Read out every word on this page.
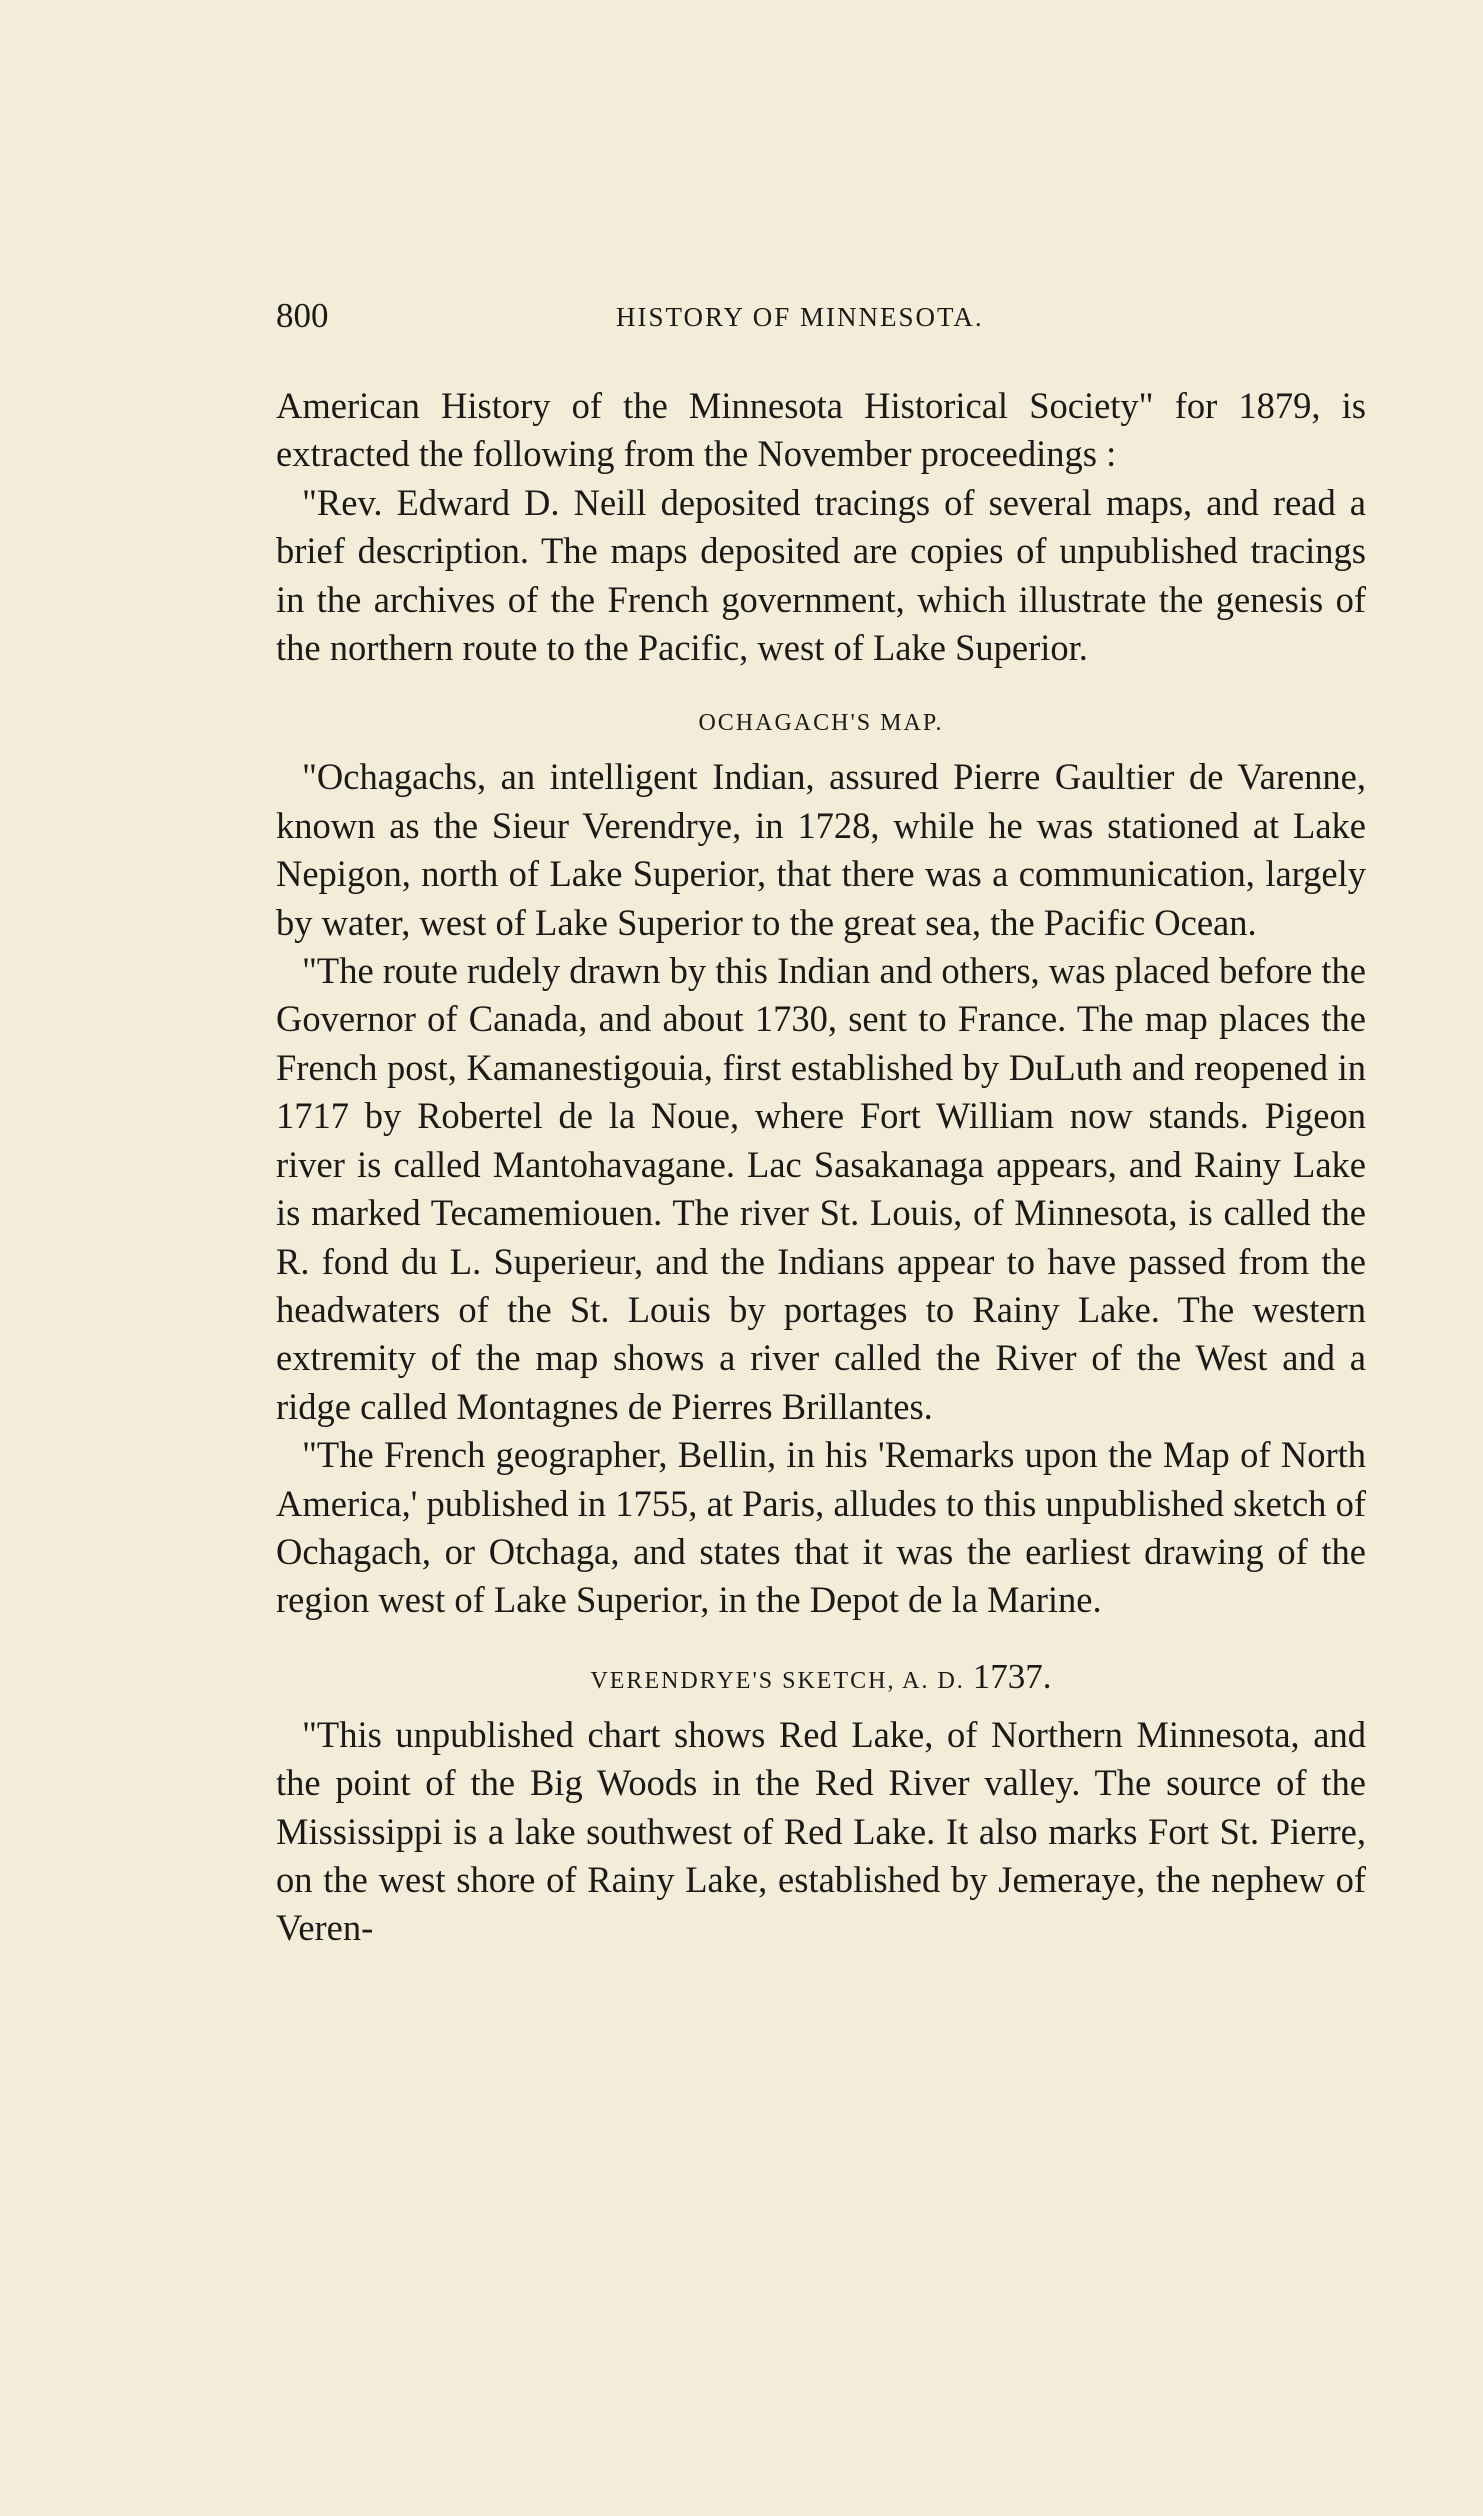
800	HISTORY OF MINNESOTA.

American History of the Minnesota Historical Society" for 1879, is extracted the following from the November proceedings :

"Rev. Edward D. Neill deposited tracings of several maps, and read a brief description. The maps deposited are copies of unpublished tracings in the archives of the French government, which illustrate the genesis of the northern route to the Pacific, west of Lake Superior.

OCHAGACH'S MAP.

"Ochagachs, an intelligent Indian, assured Pierre Gaultier de Varenne, known as the Sieur Verendrye, in 1728, while he was stationed at Lake Nepigon, north of Lake Superior, that there was a communication, largely by water, west of Lake Superior to the great sea, the Pacific Ocean.

"The route rudely drawn by this Indian and others, was placed before the Governor of Canada, and about 1730, sent to France. The map places the French post, Kamanestigouia, first established by DuLuth and reopened in 1717 by Robertel de la Noue, where Fort William now stands. Pigeon river is called Mantohavagane. Lac Sasakanaga appears, and Rainy Lake is marked Tecamemiouen. The river St. Louis, of Minnesota, is called the R. fond du L. Superieur, and the Indians appear to have passed from the headwaters of the St. Louis by portages to Rainy Lake. The western extremity of the map shows a river called the River of the West and a ridge called Montagnes de Pierres Brillantes.

"The French geographer, Bellin, in his 'Remarks upon the Map of North America,' published in 1755, at Paris, alludes to this unpublished sketch of Ochagach, or Otchaga, and states that it was the earliest drawing of the region west of Lake Superior, in the Depot de la Marine.

VERENDRYE'S SKETCH, A. D. 1737.

"This unpublished chart shows Red Lake, of Northern Minnesota, and the point of the Big Woods in the Red River valley. The source of the Mississippi is a lake southwest of Red Lake. It also marks Fort St. Pierre, on the west shore of Rainy Lake, established by Jemeraye, the nephew of Veren-
